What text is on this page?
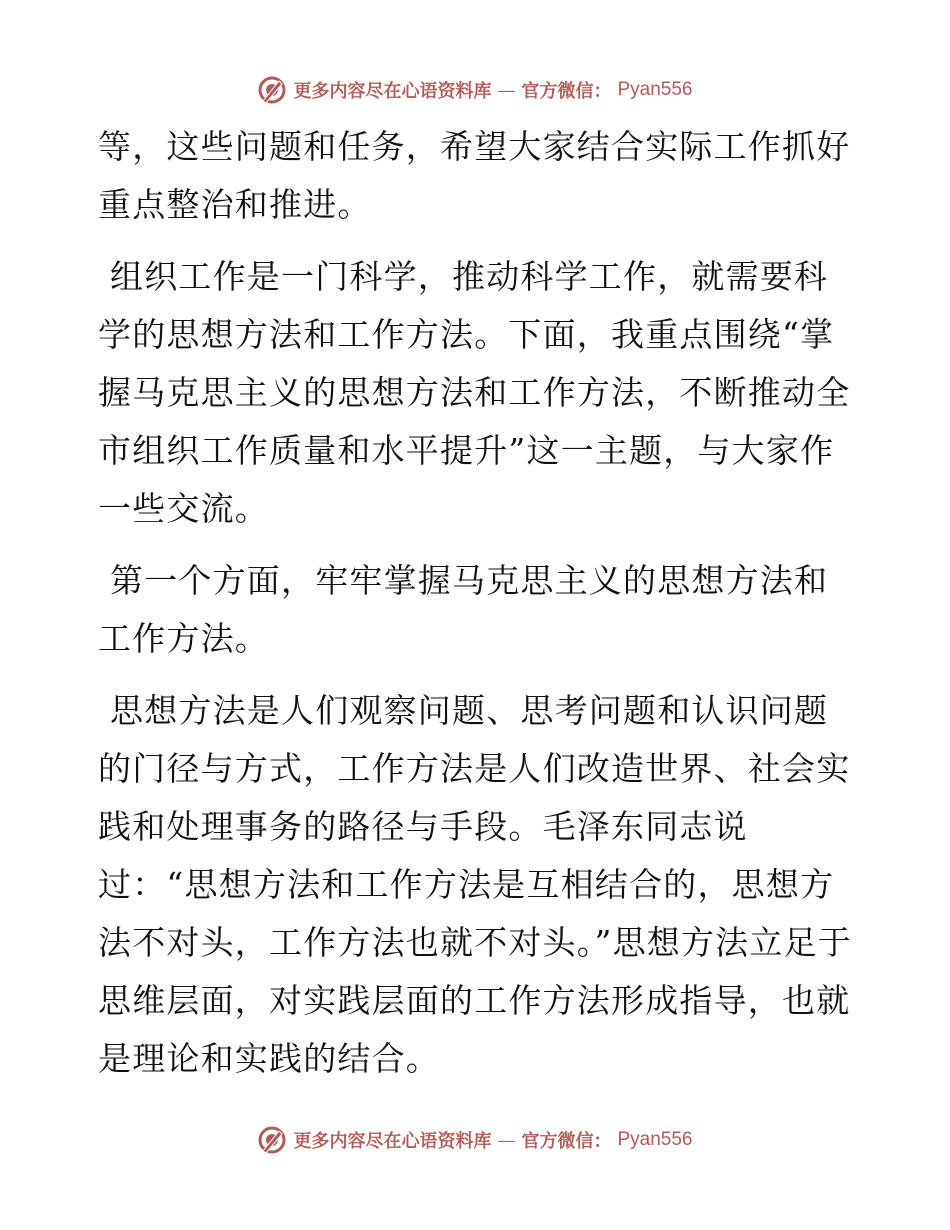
更多内容尽在心语资料库 — 官方微信： Pyan556

等，这些问题和任务，希望大家结合实际工作抓好重点整治和推进。

组织工作是一门科学，推动科学工作，就需要科学的思想方法和工作方法。下面，我重点围绕“掌握马克思主义的思想方法和工作方法，不断推动全市组织工作质量和水平提升”这一主题，与大家作一些交流。

第一个方面，牢牢掌握马克思主义的思想方法和工作方法。

思想方法是人们观察问题、思考问题和认识问题的门径与方式，工作方法是人们改造世界、社会实践和处理事务的路径与手段。毛泽东同志说过：“思想方法和工作方法是互相结合的，思想方法不对头，工作方法也就不对头。”思想方法立足于思维层面，对实践层面的工作方法形成指导，也就是理论和实践的结合。

更多内容尽在心语资料库 — 官方微信： Pyan556
